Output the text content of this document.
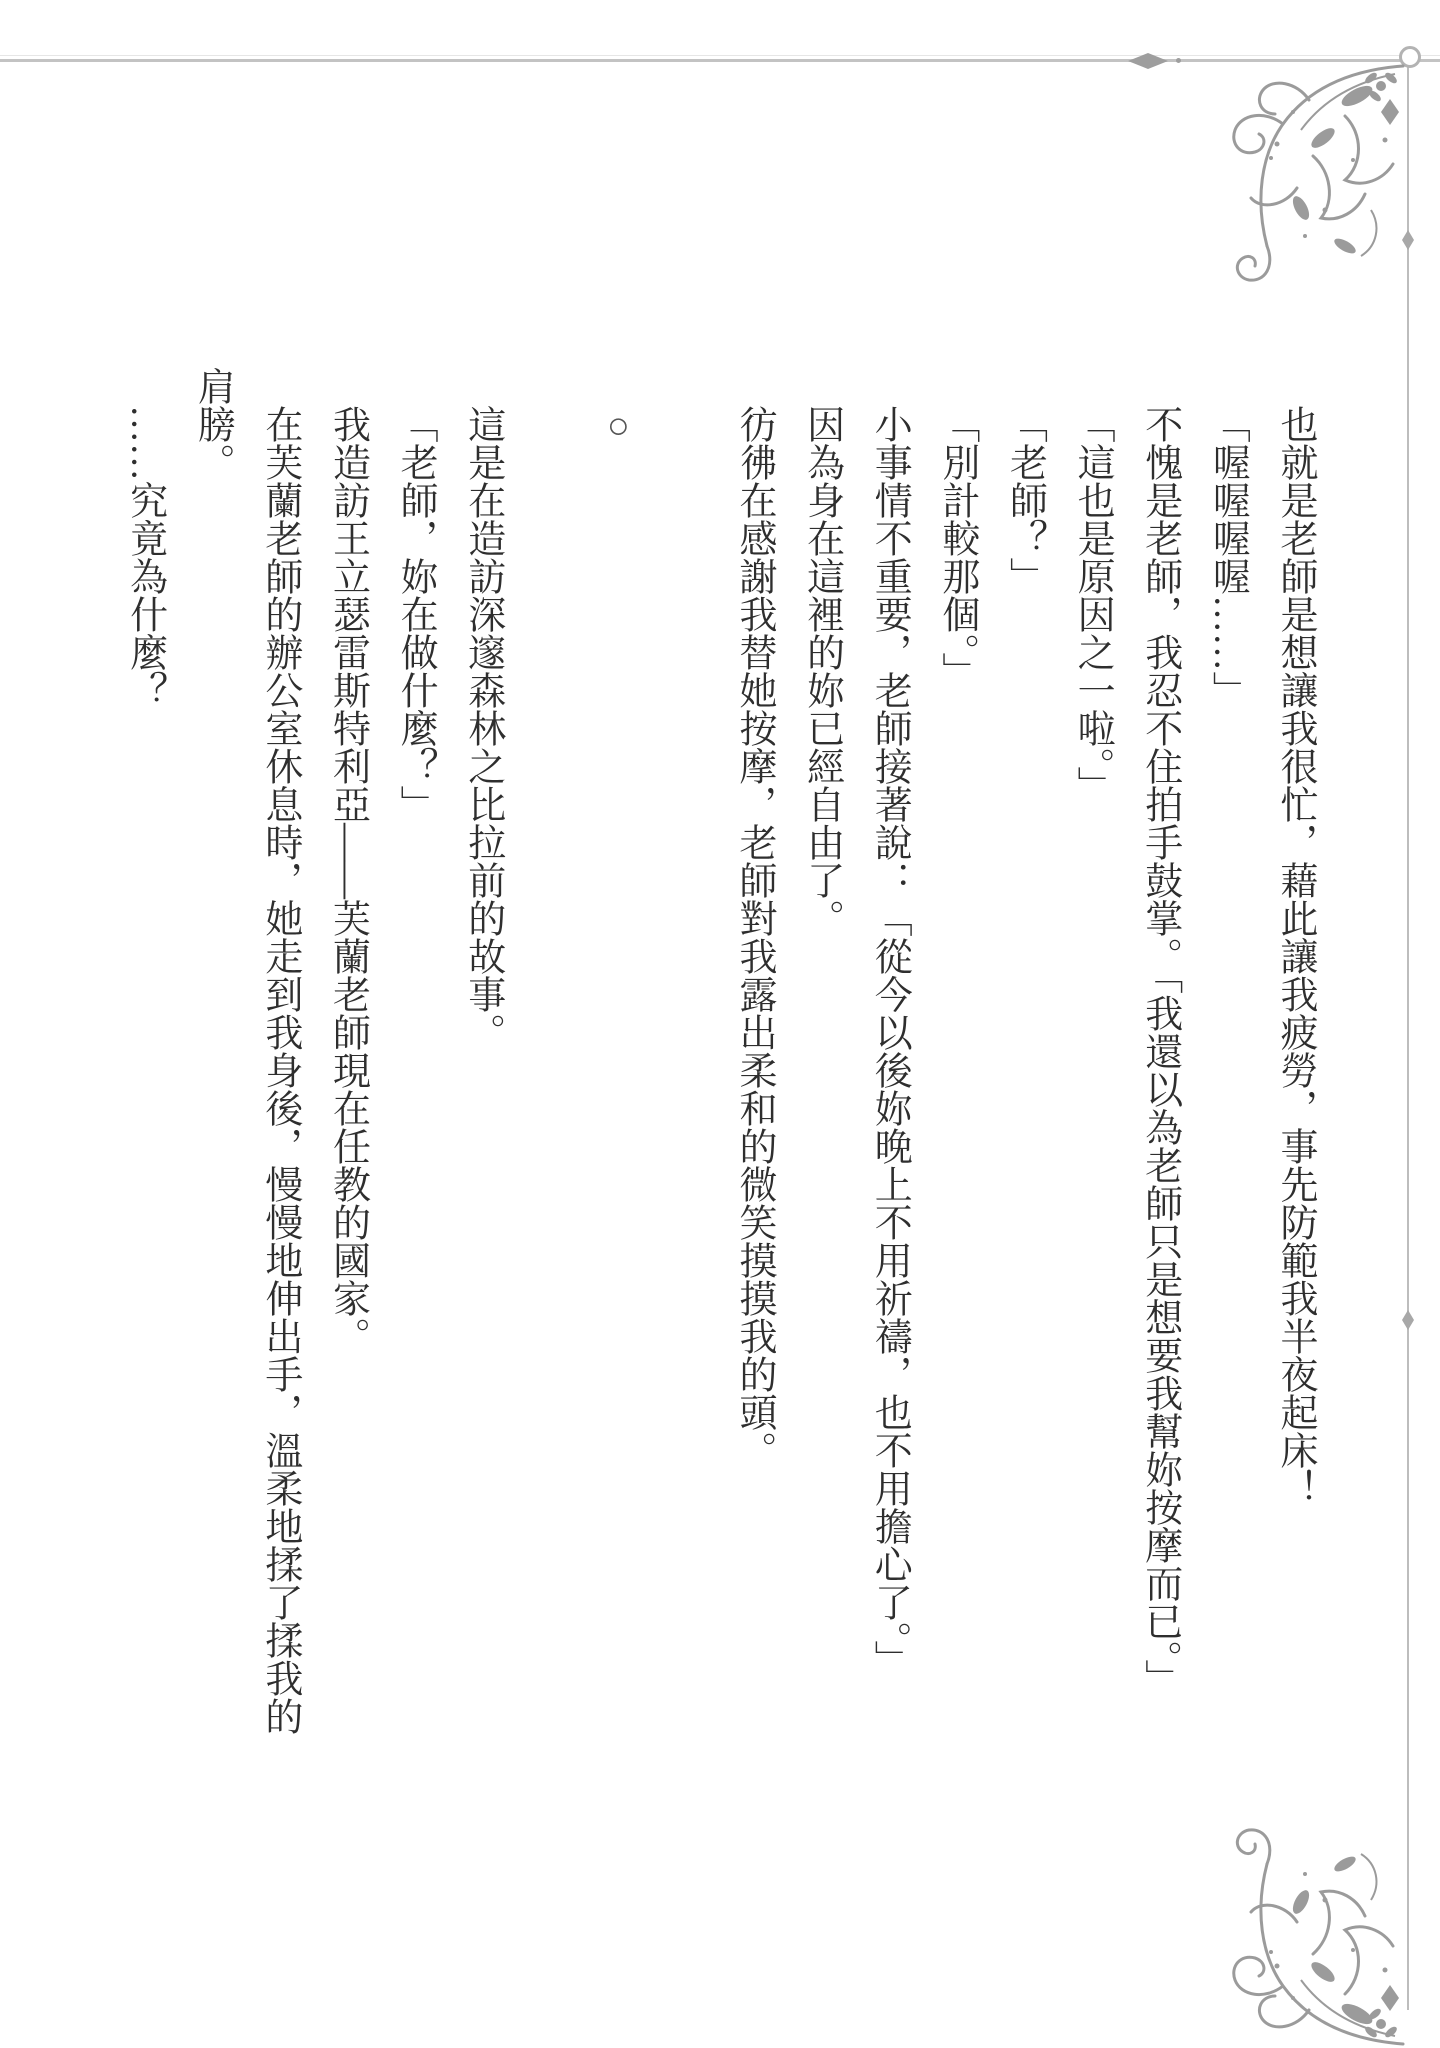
也就是老師是想讓我很忙，藉此讓我疲勞，事先防範我半夜起床！

「喔喔喔喔……」

不愧是老師，我忍不住拍手鼓掌。「我還以為老師只是想要我幫妳按摩而已。」

「這也是原因之一啦。」

「老師？」

「別計較那個。」

小事情不重要，老師接著說：「從今以後妳晚上不用祈禱，也不用擔心了。」

因為身在這裡的妳已經自由了。

彷彿在感謝我替她按摩，老師對我露出柔和的微笑摸摸我的頭。

○

這是在造訪深邃森林之比拉前的故事。

「老師，妳在做什麼？」

我造訪王立瑟雷斯特利亞——芙蘭老師現在任教的國家。

在芙蘭老師的辦公室休息時，她走到我身後，慢慢地伸出手，溫柔地揉了揉我的肩膀。

……究竟為什麼？
